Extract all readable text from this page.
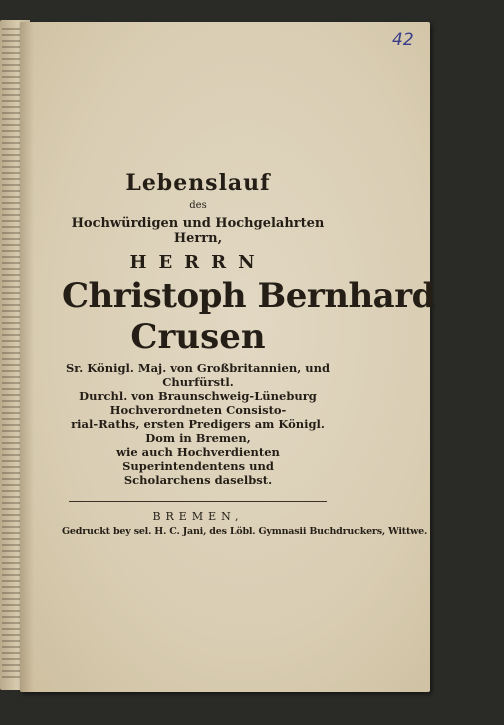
42
Lebenslauf
des
Hochwürdigen und Hochgelahrten Herrn,
HERRN
Christoph Bernhard
Crusen

Sr. Königl. Maj. von Großbritannien, und Churfürstl.

Durchl. von Braunschweig-Lüneburg Hochverordneten Consisto-

rial-Raths, ersten Predigers am Königl. Dom in Bremen,

wie auch Hochverdienten Superintendentens und

Scholarchens daselbst.

BREMEN,
Gedruckt bey sel. H. C. Jani, des Löbl. Gymnasii Buchdruckers, Wittwe.
